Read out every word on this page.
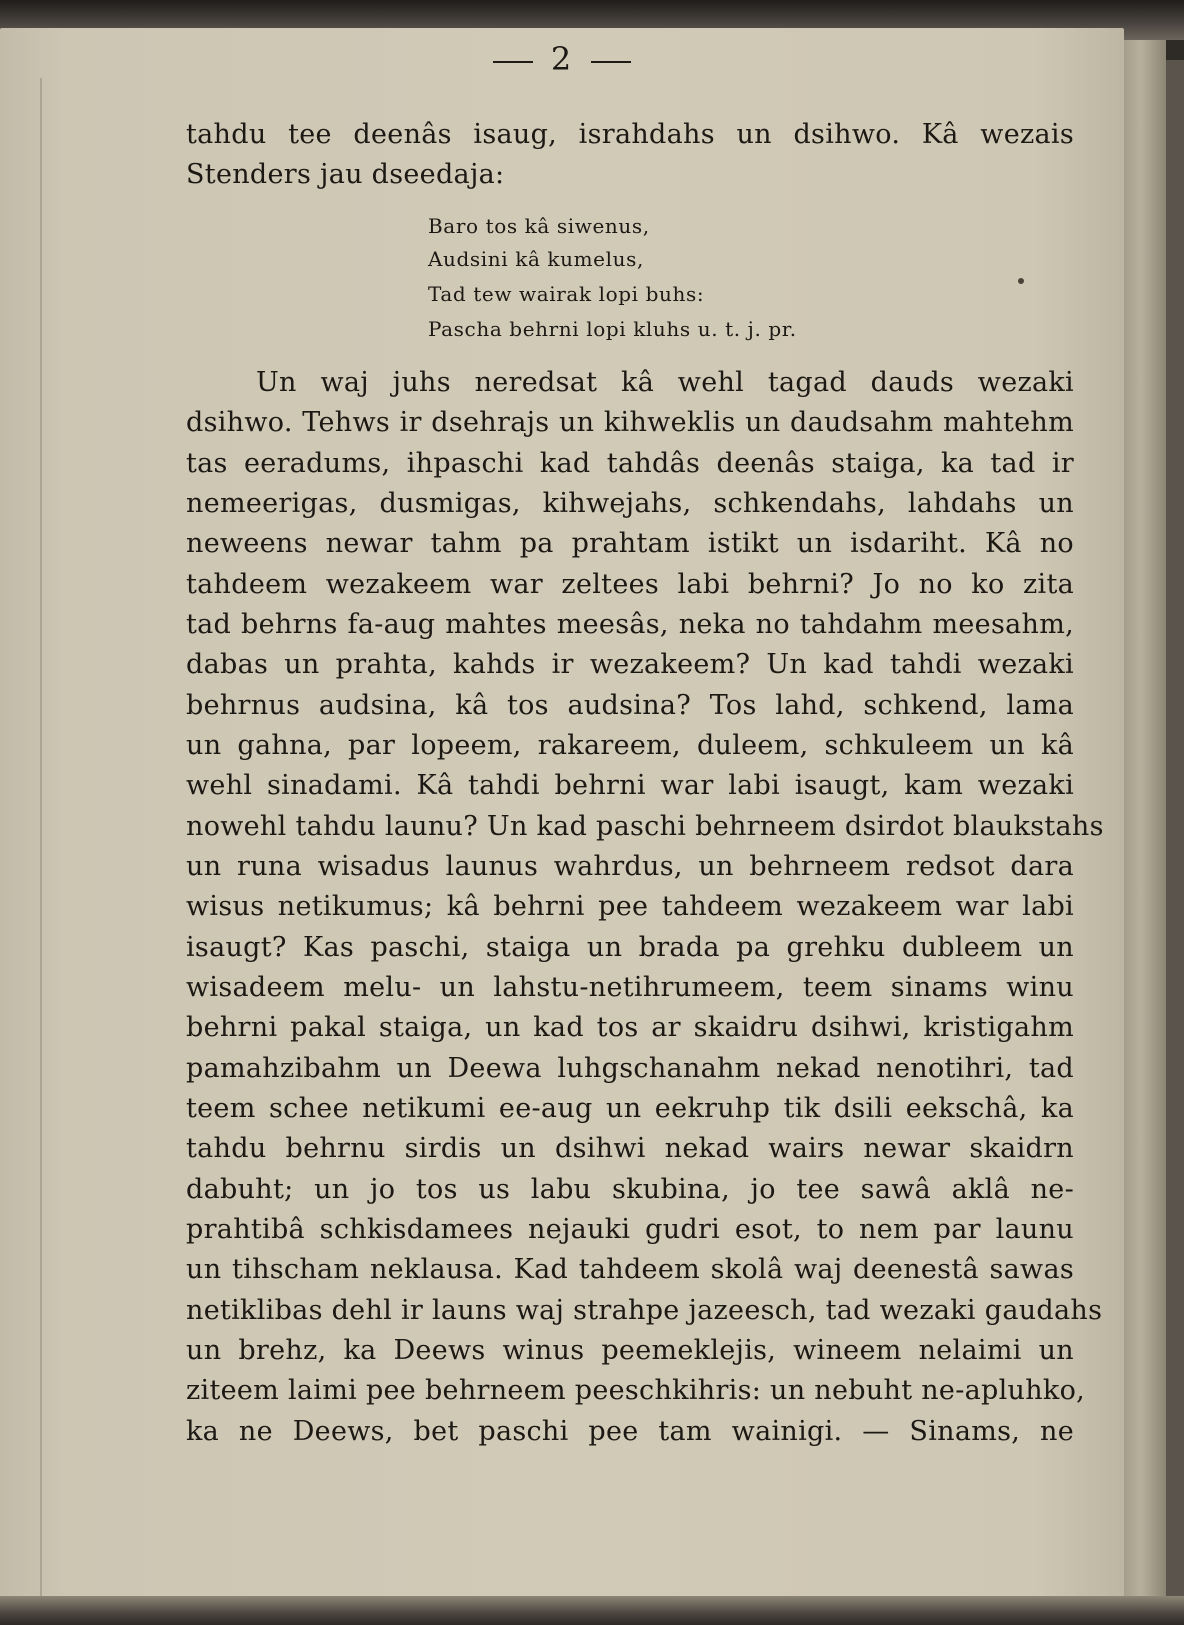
2
tahdu tee deenâs isaug, israhdahs un dsihwo. Kâ wezais
Stenders jau dseedaja:
Baro tos kâ siwenus,
Audsini kâ kumelus,
Tad tew wairak lopi buhs:
Pascha behrni lopi kluhs u. t. j. pr.
Un waj juhs neredsat kâ wehl tagad dauds wezaki
dsihwo. Tehws ir dsehrajs un kihweklis un daudsahm mahtehm
tas eeradums, ihpaschi kad tahdâs deenâs staiga, ka tad ir
nemeerigas, dusmigas, kihwejahs, schkendahs, lahdahs un
neweens newar tahm pa prahtam istikt un isdariht. Kâ no
tahdeem wezakeem war zeltees labi behrni? Jo no ko zita
tad behrns fa-aug mahtes meesâs, neka no tahdahm meesahm,
dabas un prahta, kahds ir wezakeem? Un kad tahdi wezaki
behrnus audsina, kâ tos audsina? Tos lahd, schkend, lama
un gahna, par lopeem, rakareem, duleem, schkuleem un kâ
wehl sinadami. Kâ tahdi behrni war labi isaugt, kam wezaki
nowehl tahdu launu? Un kad paschi behrneem dsirdot blaukstahs
un runa wisadus launus wahrdus, un behrneem redsot dara
wisus netikumus; kâ behrni pee tahdeem wezakeem war labi
isaugt? Kas paschi, staiga un brada pa grehku dubleem un
wisadeem melu- un lahstu-netihrumeem, teem sinams winu
behrni pakal staiga, un kad tos ar skaidru dsihwi, kristigahm
pamahzibahm un Deewa luhgschanahm nekad nenotihri, tad
teem schee netikumi ee-aug un eekruhp tik dsili eekschâ, ka
tahdu behrnu sirdis un dsihwi nekad wairs newar skaidrn
dabuht; un jo tos us labu skubina, jo tee sawâ aklâ ne-
prahtibâ schkisdamees nejauki gudri esot, to nem par launu
un tihscham neklausa. Kad tahdeem skolâ waj deenestâ sawas
netiklibas dehl ir launs waj strahpe jazeesch, tad wezaki gaudahs
un brehz, ka Deews winus peemeklejis, wineem nelaimi un
ziteem laimi pee behrneem peeschkihris: un nebuht ne-apluhko,
ka ne Deews, bet paschi pee tam wainigi. — Sinams, ne
